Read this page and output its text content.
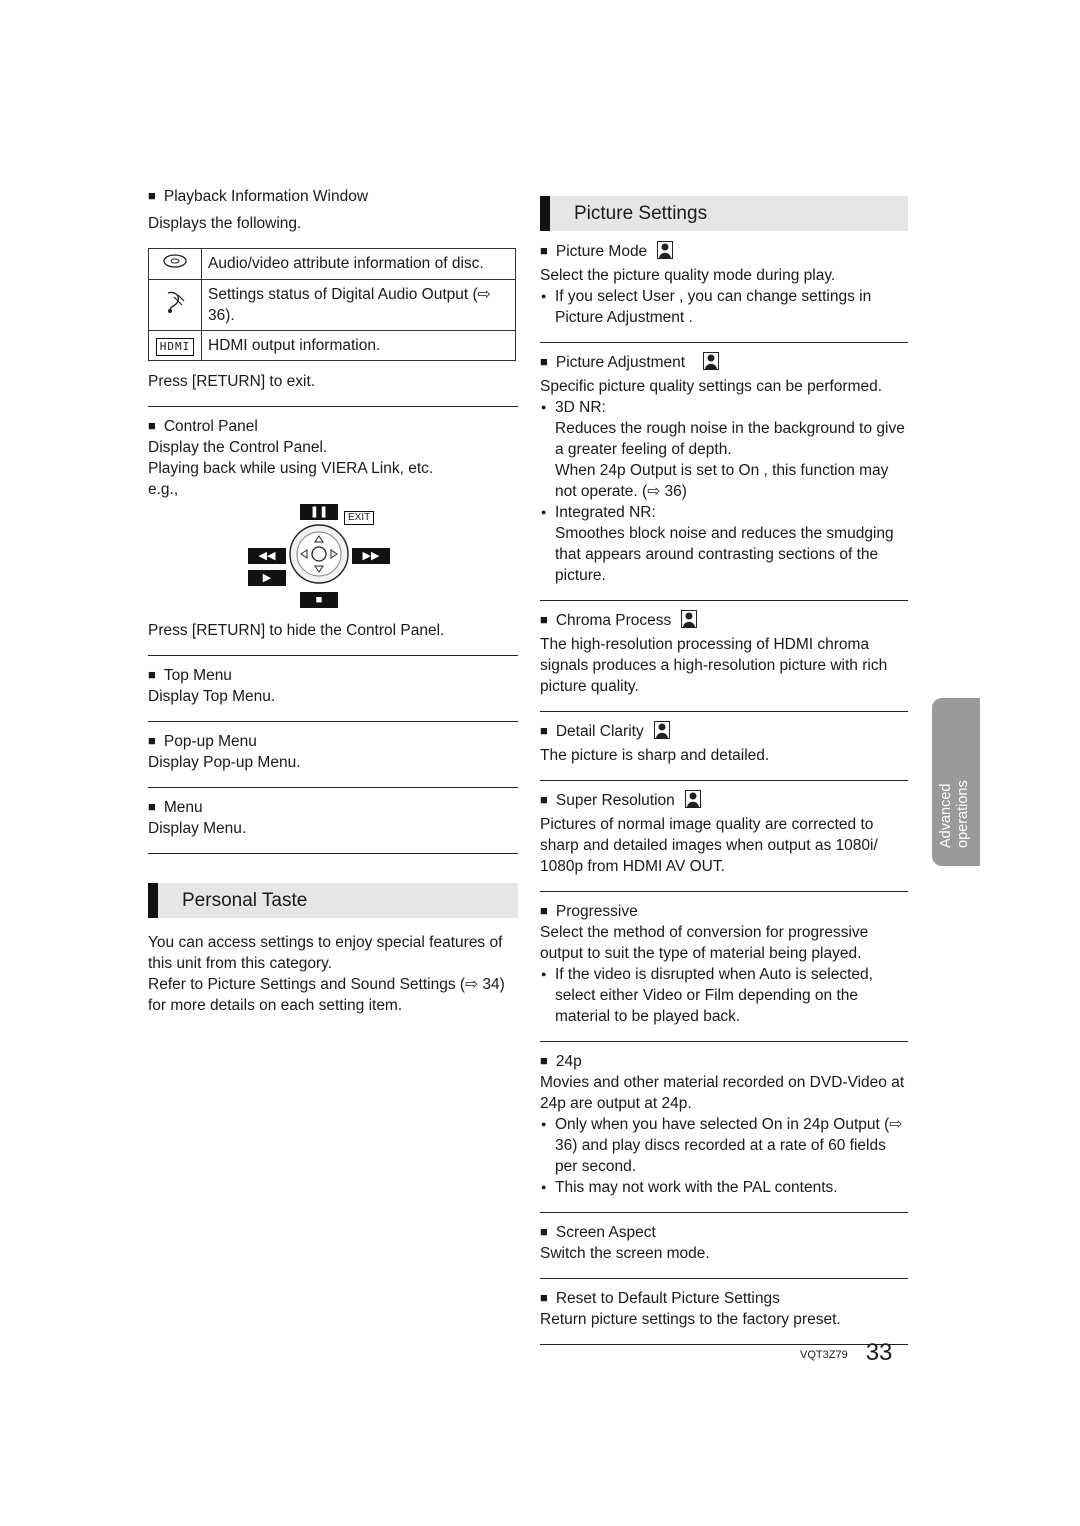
■ Playback Information Window

Displays the following.

	Audio/video attribute information of disc.
	Settings status of Digital Audio Output (⇨ 36).
HDMI	HDMI output information.

Press [RETURN] to exit.

■ Control Panel

Display the Control Panel.

Playing back while using VIERA Link, etc.

e.g.,

❚❚	EXIT
◀◀	▶▶
▶
■

Press [RETURN] to hide the Control Panel.

■ Top Menu

Display Top Menu.

■ Pop-up Menu

Display Pop-up Menu.

■ Menu

Display Menu.

Personal Taste

You can access settings to enjoy special features of this unit from this category.

Refer to Picture Settings and Sound Settings (⇨ 34) for more details on each setting item.

Picture Settings

■ Picture Mode

Select the picture quality mode during play.

● If you select User , you can change settings in Picture Adjustment .

■ Picture Adjustment

Specific picture quality settings can be performed.

● 3D NR:

Reduces the rough noise in the background to give a greater feeling of depth.

When 24p Output is set to On , this function may not operate. (⇨ 36)

● Integrated NR:

Smoothes block noise and reduces the smudging that appears around contrasting sections of the picture.

■ Chroma Process

The high-resolution processing of HDMI chroma signals produces a high-resolution picture with rich picture quality.

■ Detail Clarity

The picture is sharp and detailed.

■ Super Resolution

Pictures of normal image quality are corrected to sharp and detailed images when output as 1080i/ 1080p from HDMI AV OUT.

■ Progressive

Select the method of conversion for progressive output to suit the type of material being played.

● If the video is disrupted when Auto is selected, select either Video or Film depending on the material to be played back.

■ 24p

Movies and other material recorded on DVD-Video at 24p are output at 24p.

● Only when you have selected On in 24p Output (⇨ 36) and play discs recorded at a rate of 60 fields per second.

● This may not work with the PAL contents.

■ Screen Aspect

Switch the screen mode.

■ Reset to Default Picture Settings

Return picture settings to the factory preset.

Advanced operations
VQT3Z79 33
